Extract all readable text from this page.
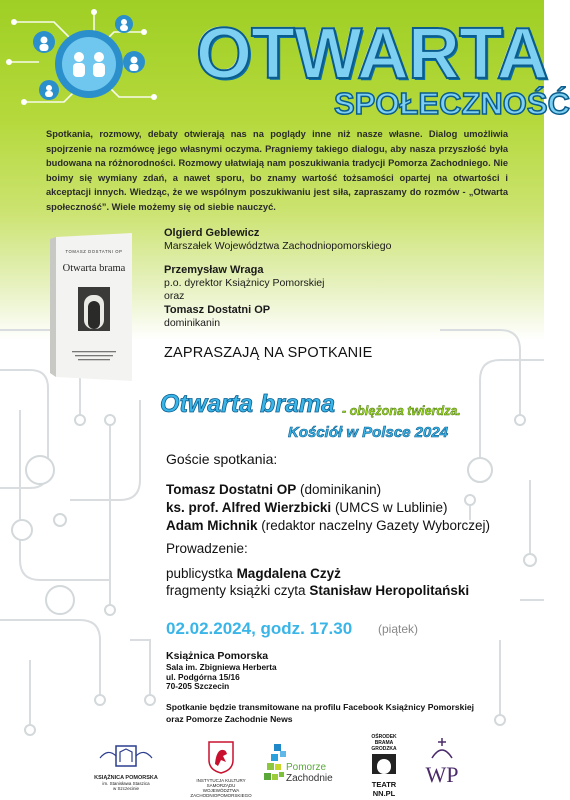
OTWARTA
SPOŁECZNOŚĆ

Spotkania, rozmowy, debaty otwierają nas na poglądy inne niż nasze własne. Dialog umożliwia spojrzenie na rozmówcę jego własnymi oczyma. Pragniemy takiego dialogu, aby nasza przyszłość była budowana na różnorodności. Rozmowy ułatwiają nam poszukiwania tradycji Pomorza Zachodniego. Nie boimy się wymiany zdań, a nawet sporu, bo znamy wartość tożsamości opartej na otwartości i akceptacji innych. Wiedząc, że we wspólnym poszukiwaniu jest siła, zapraszamy do rozmów - „Otwarta społeczność”. Wiele możemy się od siebie nauczyć.

TOMASZ DOSTATNI OP
Otwarta brama
Olgierd Geblewicz
Marszałek Województwa Zachodniopomorskiego
Przemysław Wraga
p.o. dyrektor Książnicy Pomorskiej
oraz
Tomasz Dostatni OP
dominikanin
ZAPRASZAJĄ NA SPOTKANIE
Otwarta brama - oblężona twierdza.
Kościół w Polsce 2024
Goście spotkania:
Tomasz Dostatni OP (dominikanin)
ks. prof. Alfred Wierzbicki (UMCS w Lublinie)
Adam Michnik (redaktor naczelny Gazety Wyborczej)
Prowadzenie:
publicystka Magdalena Czyż
fragmenty książki czyta Stanisław Heropolitański
02.02.2024, godz. 17.30 (piątek)
Książnica Pomorska
Sala im. Zbigniewa Herberta
ul. Podgórna 15/16
70-205 Szczecin
Spotkanie będzie transmitowane na profilu Facebook Książnicy Pomorskiej
oraz Pomorze Zachodnie News
KSIĄŻNICA POMORSKA
im. Stanisława Staszica
w Szczecinie
INSTYTUCJA KULTURY
SAMORZĄDU WOJEWÓDZTWA
ZACHODNIOPOMORSKIEGO
Pomorze
Zachodnie
OŚRODEK
BRAMA
GRODZKA
TEATR NN.PL
WP
